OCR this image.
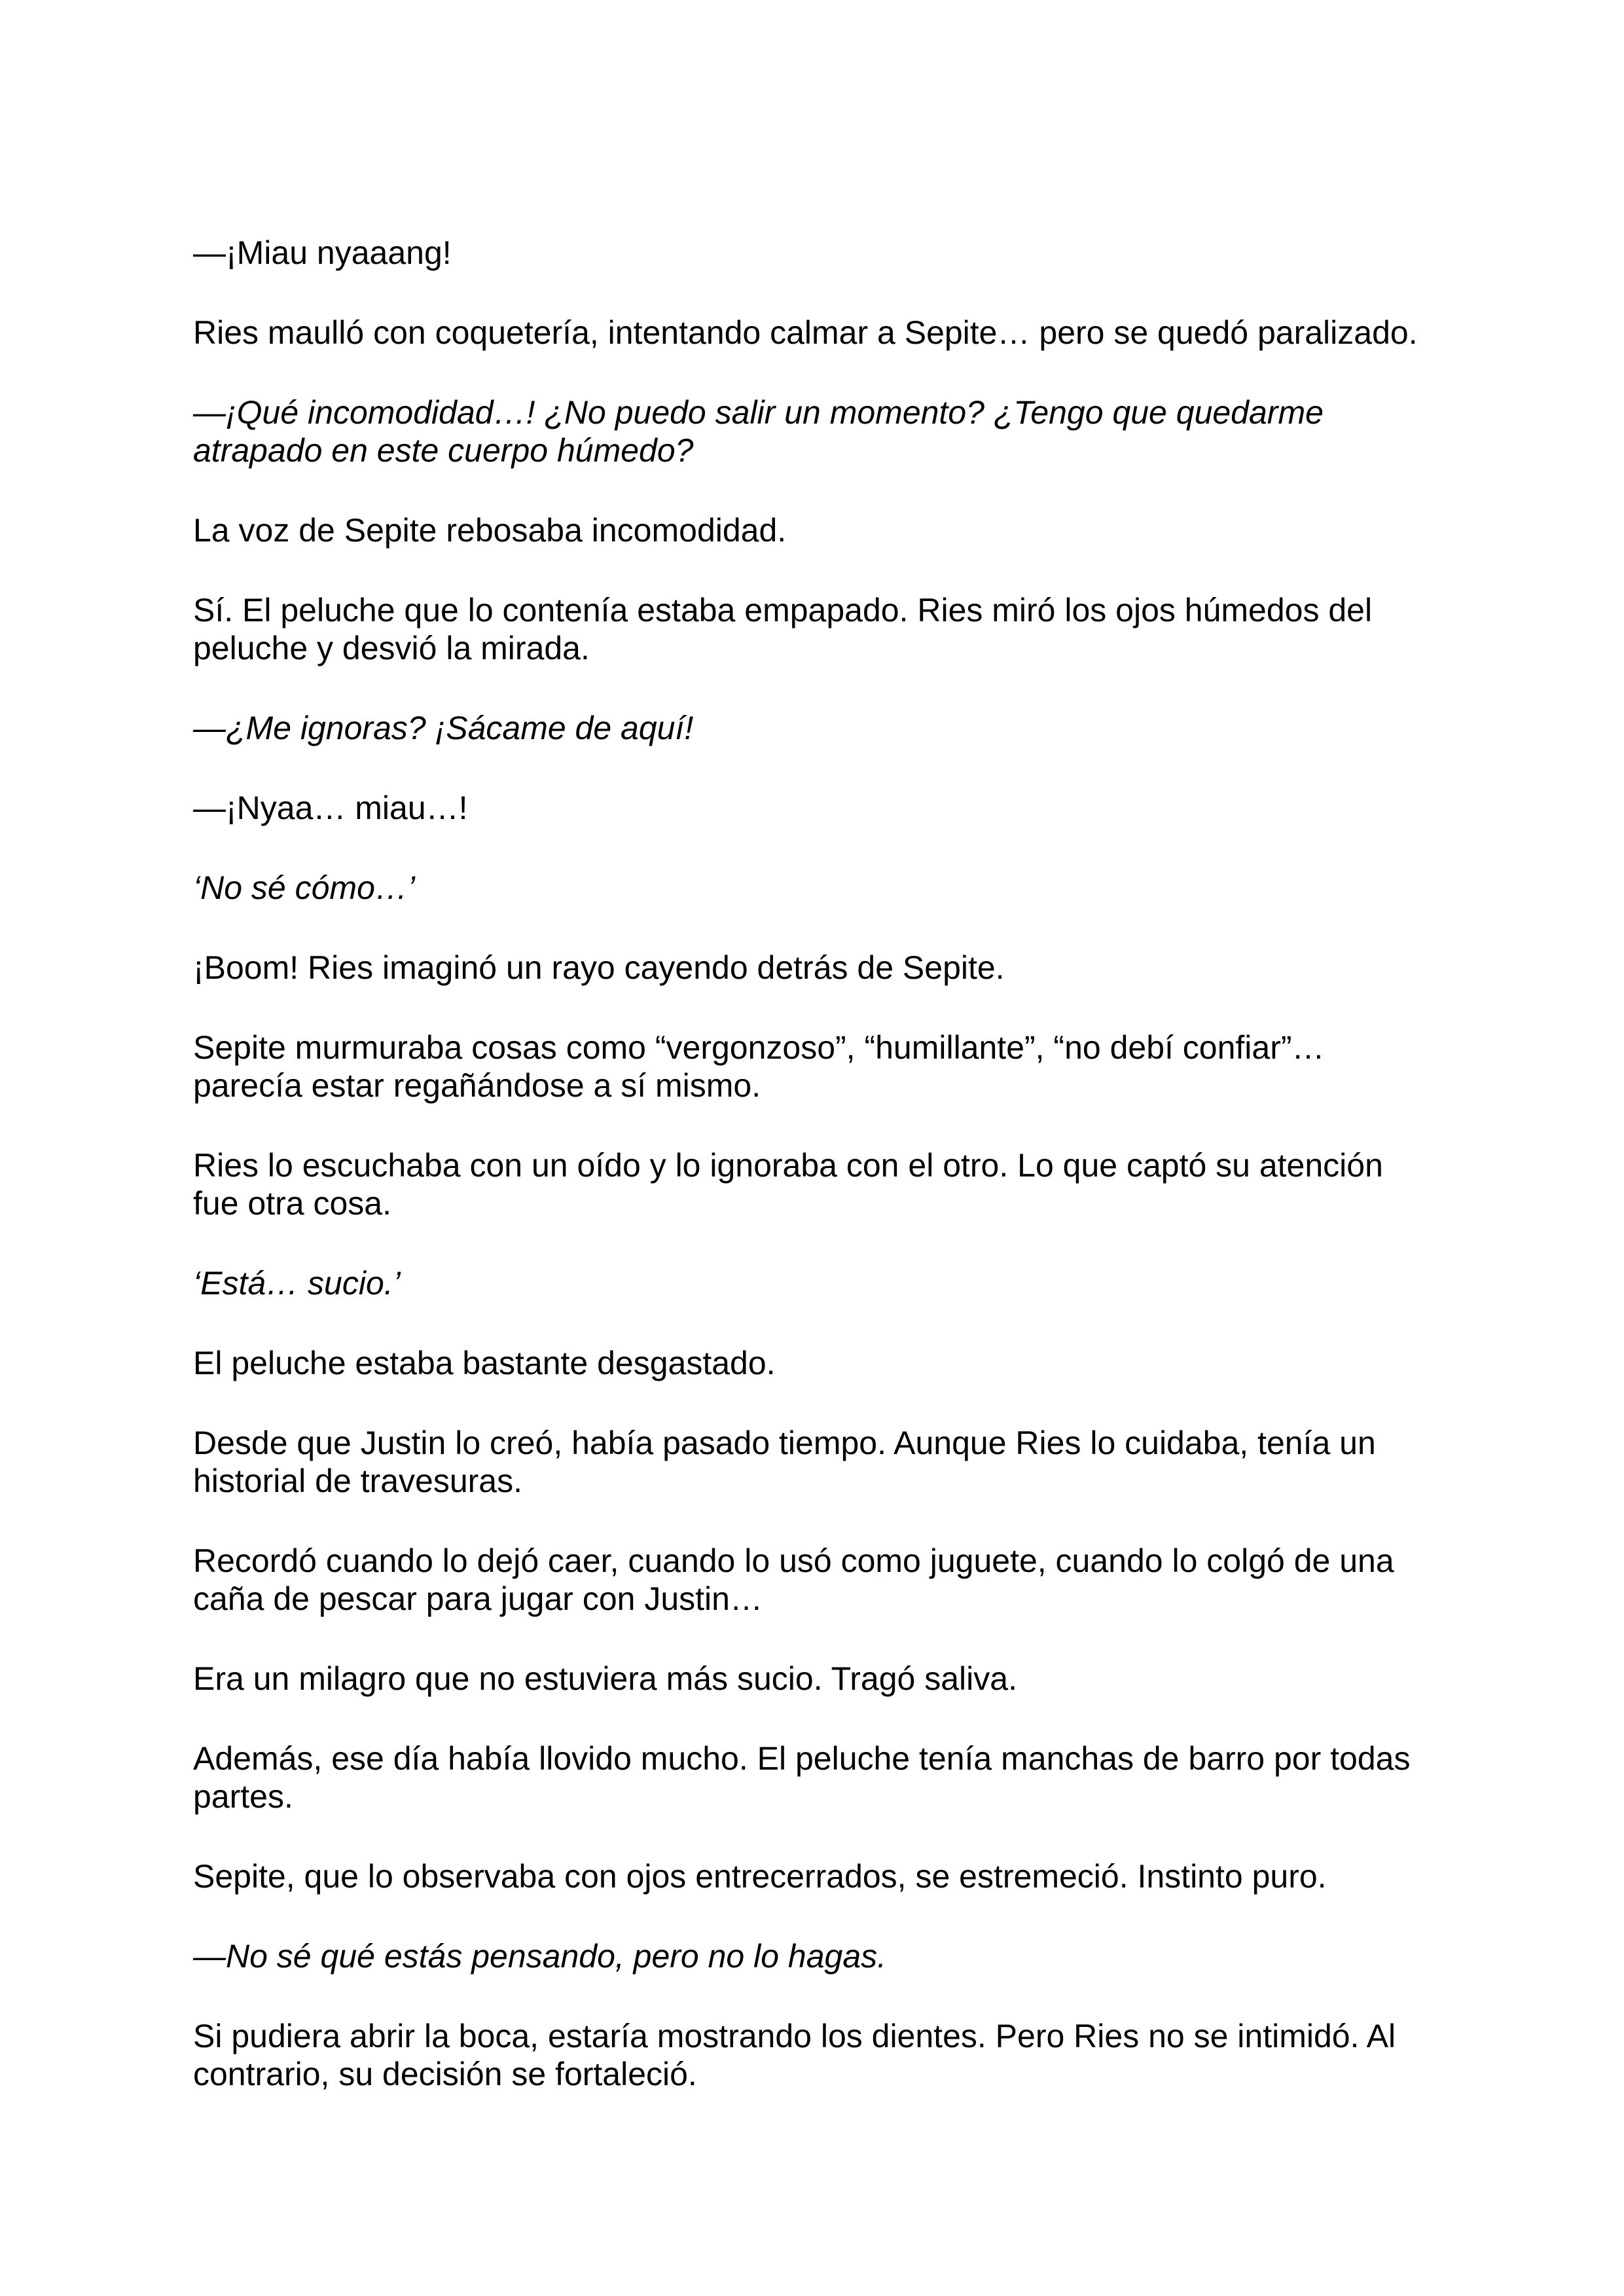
—¡Miau nyaaang!

Ries maulló con coquetería, intentando calmar a Sepite… pero se quedó paralizado.

—¡Qué incomodidad…! ¿No puedo salir un momento? ¿Tengo que quedarme atrapado en este cuerpo húmedo?

La voz de Sepite rebosaba incomodidad.

Sí. El peluche que lo contenía estaba empapado. Ries miró los ojos húmedos del peluche y desvió la mirada.

—¿Me ignoras? ¡Sácame de aquí!

—¡Nyaa… miau…!

‘No sé cómo…’

¡Boom! Ries imaginó un rayo cayendo detrás de Sepite.

Sepite murmuraba cosas como “vergonzoso”, “humillante”, “no debí confiar”… parecía estar regañándose a sí mismo.

Ries lo escuchaba con un oído y lo ignoraba con el otro. Lo que captó su atención fue otra cosa.

‘Está… sucio.’

El peluche estaba bastante desgastado.

Desde que Justin lo creó, había pasado tiempo. Aunque Ries lo cuidaba, tenía un historial de travesuras.

Recordó cuando lo dejó caer, cuando lo usó como juguete, cuando lo colgó de una caña de pescar para jugar con Justin…

Era un milagro que no estuviera más sucio. Tragó saliva.

Además, ese día había llovido mucho. El peluche tenía manchas de barro por todas partes.

Sepite, que lo observaba con ojos entrecerrados, se estremeció. Instinto puro.

—No sé qué estás pensando, pero no lo hagas.

Si pudiera abrir la boca, estaría mostrando los dientes. Pero Ries no se intimidó. Al contrario, su decisión se fortaleció.
